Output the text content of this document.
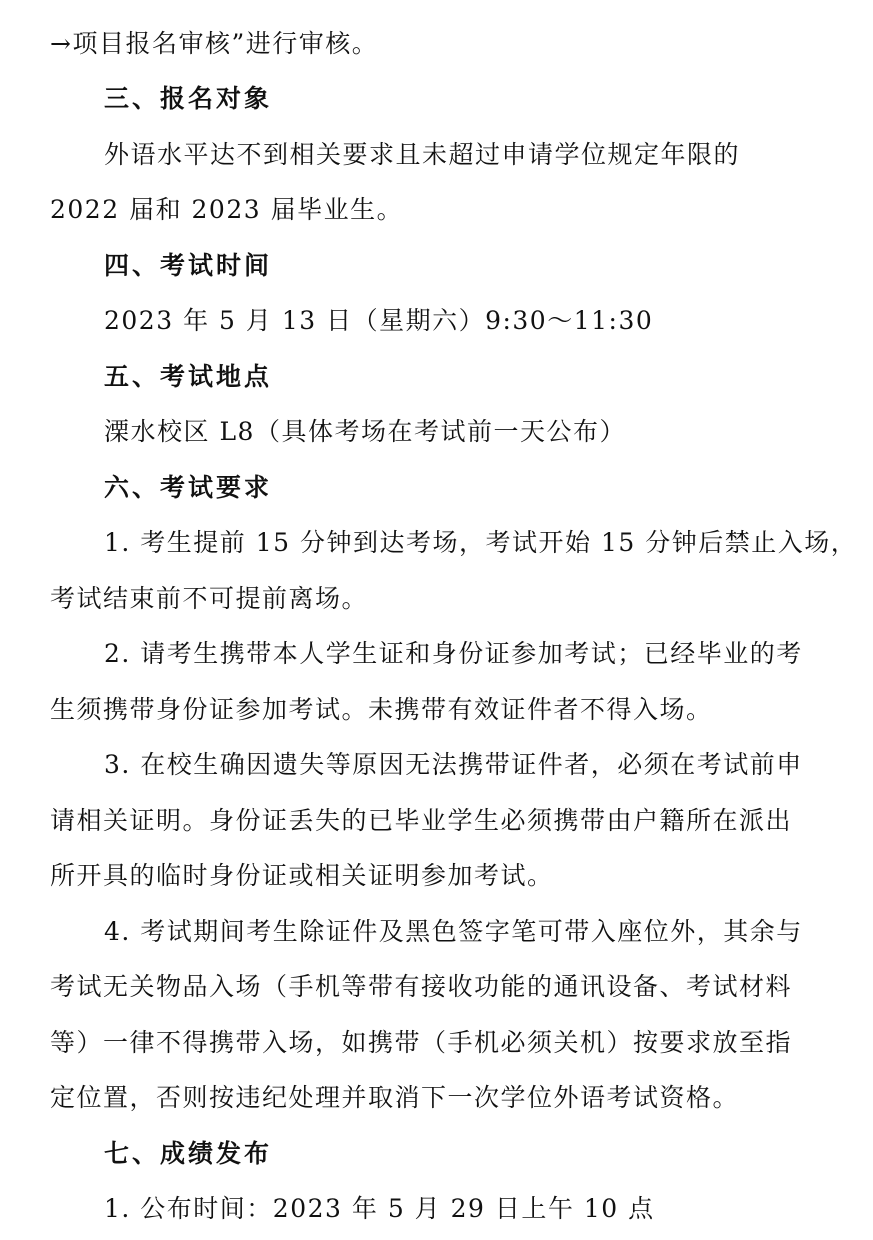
→项目报名审核”进行审核。
三、报名对象
外语水平达不到相关要求且未超过申请学位规定年限的
2022 届和 2023 届毕业生。
四、考试时间
2023 年 5 月 13 日（星期六）9:30～11:30
五、考试地点
溧水校区 L8（具体考场在考试前一天公布）
六、考试要求
1. 考生提前 15 分钟到达考场，考试开始 15 分钟后禁止入场，
考试结束前不可提前离场。
2. 请考生携带本人学生证和身份证参加考试；已经毕业的考
生须携带身份证参加考试。未携带有效证件者不得入场。
3. 在校生确因遗失等原因无法携带证件者，必须在考试前申
请相关证明。身份证丢失的已毕业学生必须携带由户籍所在派出
所开具的临时身份证或相关证明参加考试。
4. 考试期间考生除证件及黑色签字笔可带入座位外，其余与
考试无关物品入场（手机等带有接收功能的通讯设备、考试材料
等）一律不得携带入场，如携带（手机必须关机）按要求放至指
定位置，否则按违纪处理并取消下一次学位外语考试资格。
七、成绩发布
1. 公布时间：2023 年 5 月 29 日上午 10 点
